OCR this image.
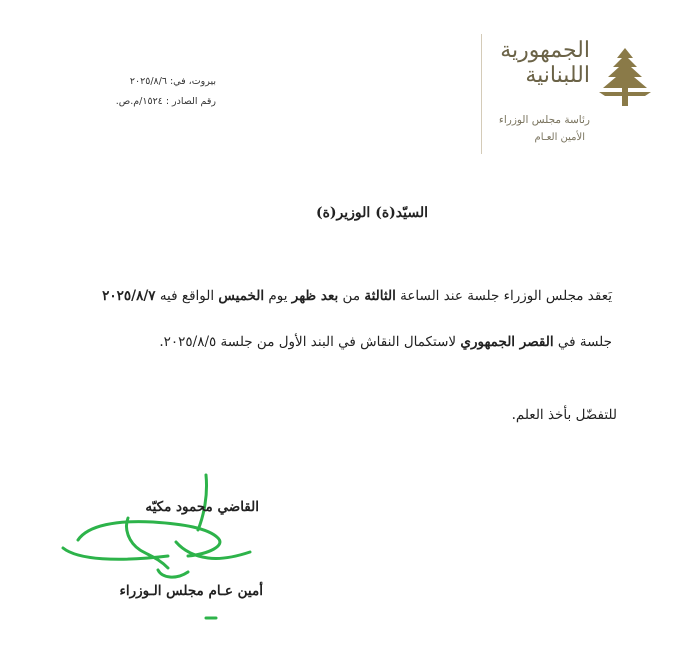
الجمهورية
اللبنانية
رئاسة مجلس الوزراء
الأمين العـام
بيروت، في: ٢٠٢٥/٨/٦
رقم الصادر : ١٥٢٤/م.ص.
السيّد(ة) الوزير(ة)
يَعقد مجلس الوزراء جلسة عند الساعة الثالثة من بعد ظهر يوم الخميس الواقع فيه ٢٠٢٥/٨/٧
جلسة في القصر الجمهوري لاستكمال النقاش في البند الأول من جلسة ٢٠٢٥/٨/٥.
للتفضّل بأخذ العلم.
القاضي محمود مكيّه
أمين عـام مجلس الـوزراء
